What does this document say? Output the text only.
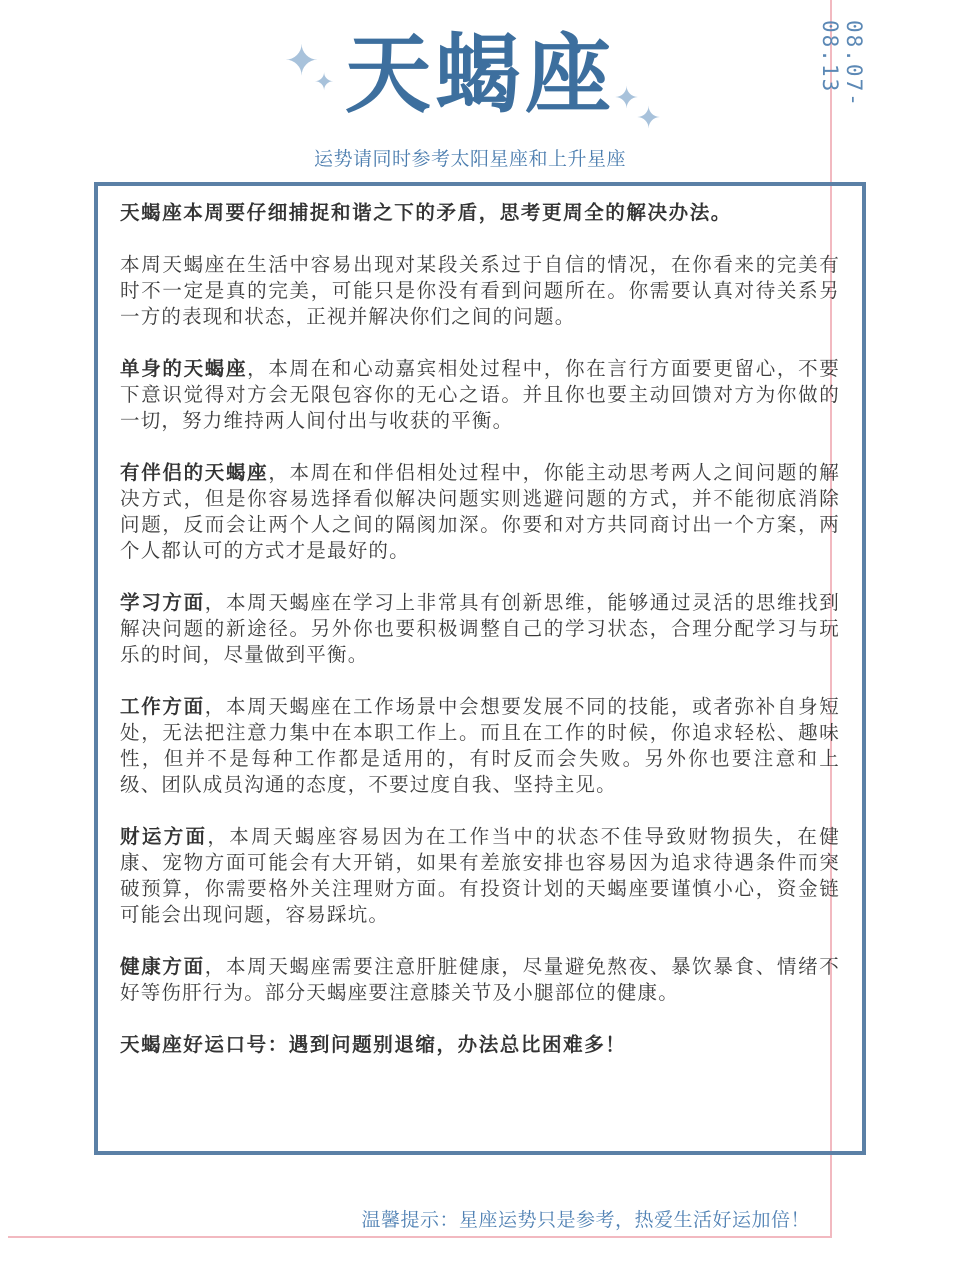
✦
✦	✦
✦
天蝎座
运势请同时参考太阳星座和上升星座
08.07-08.13

天蝎座本周要仔细捕捉和谐之下的矛盾，思考更周全的解决办法。

本周天蝎座在生活中容易出现对某段关系过于自信的情况，在你看来的完美有时不一定是真的完美，可能只是你没有看到问题所在。你需要认真对待关系另一方的表现和状态，正视并解决你们之间的问题。

单身的天蝎座，本周在和心动嘉宾相处过程中，你在言行方面要更留心，不要下意识觉得对方会无限包容你的无心之语。并且你也要主动回馈对方为你做的一切，努力维持两人间付出与收获的平衡。

有伴侣的天蝎座，本周在和伴侣相处过程中，你能主动思考两人之间问题的解决方式，但是你容易选择看似解决问题实则逃避问题的方式，并不能彻底消除问题，反而会让两个人之间的隔阂加深。你要和对方共同商讨出一个方案，两个人都认可的方式才是最好的。

学习方面，本周天蝎座在学习上非常具有创新思维，能够通过灵活的思维找到解决问题的新途径。另外你也要积极调整自己的学习状态，合理分配学习与玩乐的时间，尽量做到平衡。

工作方面，本周天蝎座在工作场景中会想要发展不同的技能，或者弥补自身短处，无法把注意力集中在本职工作上。而且在工作的时候，你追求轻松、趣味性，但并不是每种工作都是适用的，有时反而会失败。另外你也要注意和上级、团队成员沟通的态度，不要过度自我、坚持主见。

财运方面，本周天蝎座容易因为在工作当中的状态不佳导致财物损失，在健康、宠物方面可能会有大开销，如果有差旅安排也容易因为追求待遇条件而突破预算，你需要格外关注理财方面。有投资计划的天蝎座要谨慎小心，资金链可能会出现问题，容易踩坑。

健康方面，本周天蝎座需要注意肝脏健康，尽量避免熬夜、暴饮暴食、情绪不好等伤肝行为。部分天蝎座要注意膝关节及小腿部位的健康。

天蝎座好运口号：遇到问题别退缩，办法总比困难多！
温馨提示：星座运势只是参考，热爱生活好运加倍！
